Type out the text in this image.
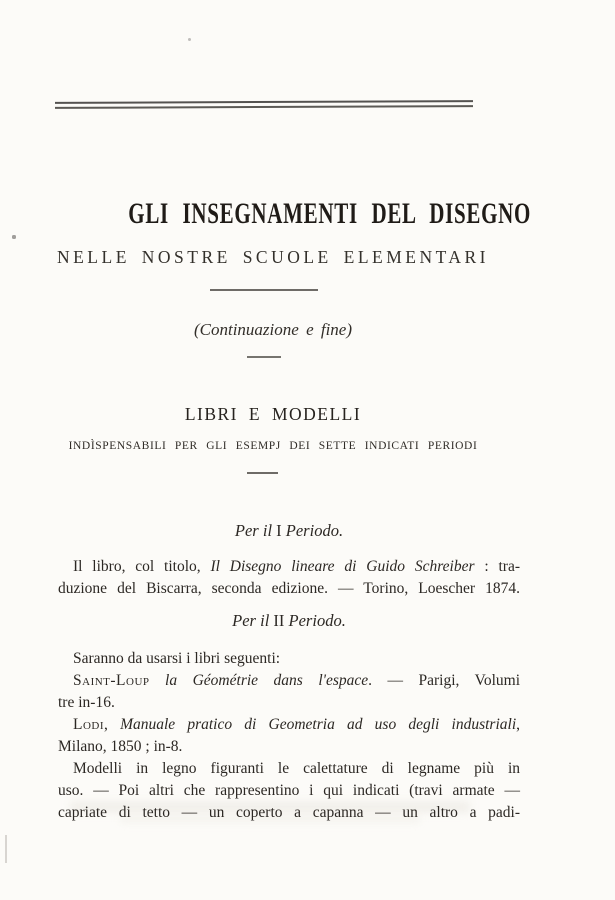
GLI INSEGNAMENTI DEL DISEGNO
NELLE NOSTRE SCUOLE ELEMENTARI
(Continuazione e fine)
LIBRI E MODELLI
INDÌSPENSABILI PER GLI ESEMPJ DEI SETTE INDICATI PERIODI
Per il I Periodo.
Il libro, col titolo, Il Disegno lineare di Guido Schreiber : tra-
duzione del Biscarra, seconda edizione. — Torino, Loescher 1874.
Per il II Periodo.
Saranno da usarsi i libri seguenti:
Saint-Loup la Géométrie dans l'espace. — Parigi, Volumi
tre in-16.
Lodi, Manuale pratico di Geometria ad uso degli industriali,
Milano, 1850 ; in-8.
Modelli in legno figuranti le calettature di legname più in
uso. — Poi altri che rappresentino i qui indicati (travi armate —
capriate di tetto — un coperto a capanna — un altro a padi-
